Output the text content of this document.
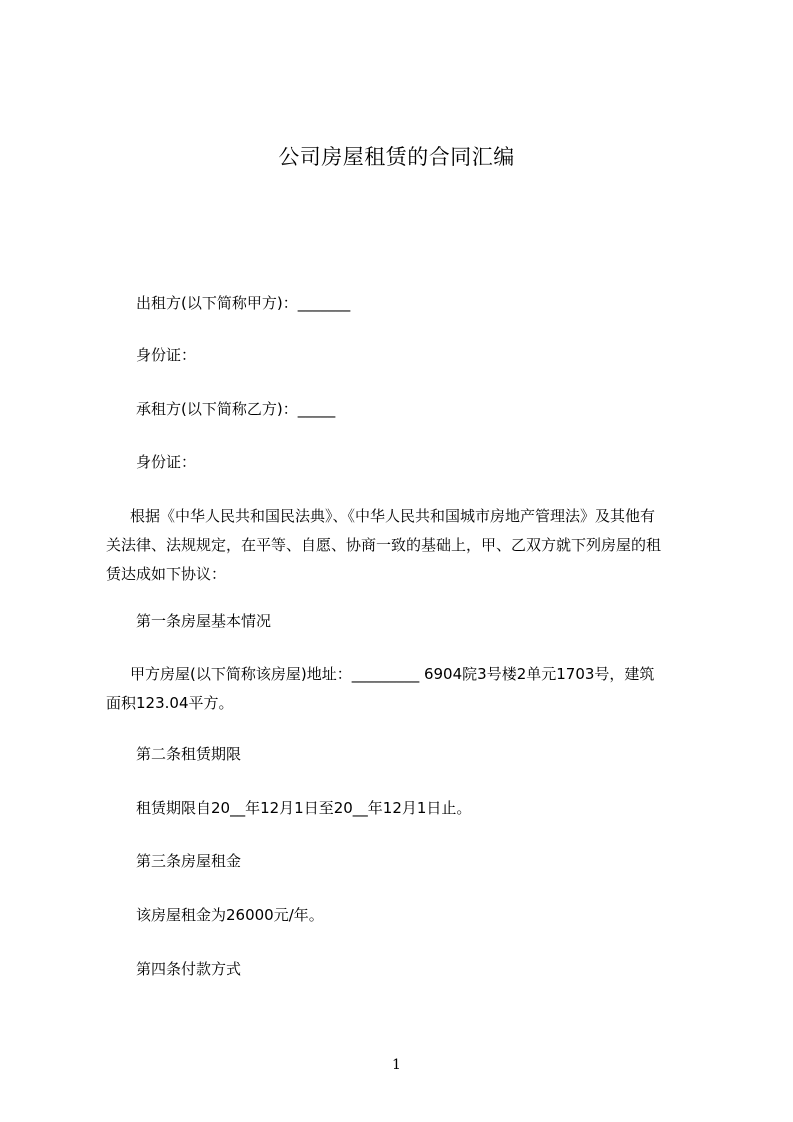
公司房屋租赁的合同汇编
出租方(以下简称甲方)：_______
身份证：
承租方(以下简称乙方)：_____
身份证：
根据《中华人民共和国民法典》、《中华人民共和国城市房地产管理法》及其他有
关法律、法规规定，在平等、自愿、协商一致的基础上，甲、乙双方就下列房屋的租
赁达成如下协议：
第一条房屋基本情况
甲方房屋(以下简称该房屋)地址：_________ 6904院3号楼2单元1703号，建筑
面积123.04平方。
第二条租赁期限
租赁期限自20__年12月1日至20__年12月1日止。
第三条房屋租金
该房屋租金为26000元/年。
第四条付款方式
1
